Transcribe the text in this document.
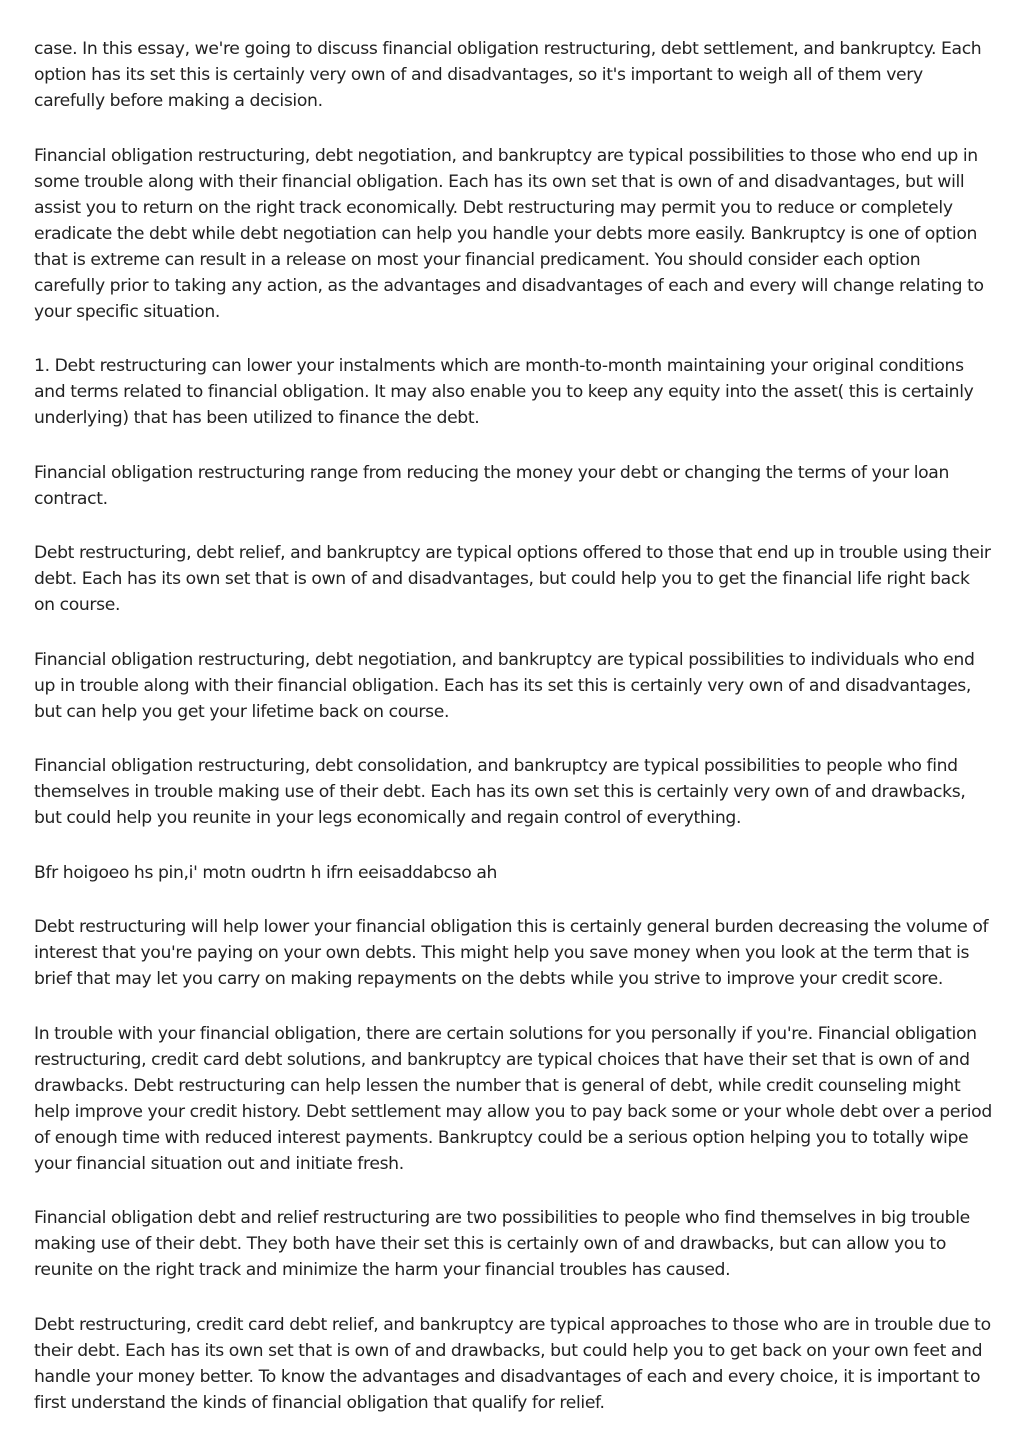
case. In this essay, we're going to discuss financial obligation restructuring, debt settlement, and bankruptcy. Each option has its set this is certainly very own of and disadvantages, so it's important to weigh all of them very carefully before making a decision.

Financial obligation restructuring, debt negotiation, and bankruptcy are typical possibilities to those who end up in some trouble along with their financial obligation. Each has its own set that is own of and disadvantages, but will assist you to return on the right track economically. Debt restructuring may permit you to reduce or completely eradicate the debt while debt negotiation can help you handle your debts more easily. Bankruptcy is one of option that is extreme can result in a release on most your financial predicament. You should consider each option carefully prior to taking any action, as the advantages and disadvantages of each and every will change relating to your specific situation.

1. Debt restructuring can lower your instalments which are month-to-month maintaining your original conditions and terms related to financial obligation. It may also enable you to keep any equity into the asset( this is certainly underlying) that has been utilized to finance the debt.

Financial obligation restructuring range from reducing the money your debt or changing the terms of your loan contract.

Debt restructuring, debt relief, and bankruptcy are typical options offered to those that end up in trouble using their debt. Each has its own set that is own of and disadvantages, but could help you to get the financial life right back on course.

Financial obligation restructuring, debt negotiation, and bankruptcy are typical possibilities to individuals who end up in trouble along with their financial obligation. Each has its set this is certainly very own of and disadvantages, but can help you get your lifetime back on course.

Financial obligation restructuring, debt consolidation, and bankruptcy are typical possibilities to people who find themselves in trouble making use of their debt. Each has its own set this is certainly very own of and drawbacks, but could help you reunite in your legs economically and regain control of everything.

Bfr hoigoeo hs pin,i' motn oudrtn h ifrn eeisaddabcso ah

Debt restructuring will help lower your financial obligation this is certainly general burden decreasing the volume of interest that you're paying on your own debts. This might help you save money when you look at the term that is brief that may let you carry on making repayments on the debts while you strive to improve your credit score.

In trouble with your financial obligation, there are certain solutions for you personally if you're. Financial obligation restructuring, credit card debt solutions, and bankruptcy are typical choices that have their set that is own of and drawbacks. Debt restructuring can help lessen the number that is general of debt, while credit counseling might help improve your credit history. Debt settlement may allow you to pay back some or your whole debt over a period of enough time with reduced interest payments. Bankruptcy could be a serious option helping you to totally wipe your financial situation out and initiate fresh.

Financial obligation debt and relief restructuring are two possibilities to people who find themselves in big trouble making use of their debt. They both have their set this is certainly own of and drawbacks, but can allow you to reunite on the right track and minimize the harm your financial troubles has caused.

Debt restructuring, credit card debt relief, and bankruptcy are typical approaches to those who are in trouble due to their debt. Each has its own set that is own of and drawbacks, but could help you to get back on your own feet and handle your money better. To know the advantages and disadvantages of each and every choice, it is important to first understand the kinds of financial obligation that qualify for relief.
